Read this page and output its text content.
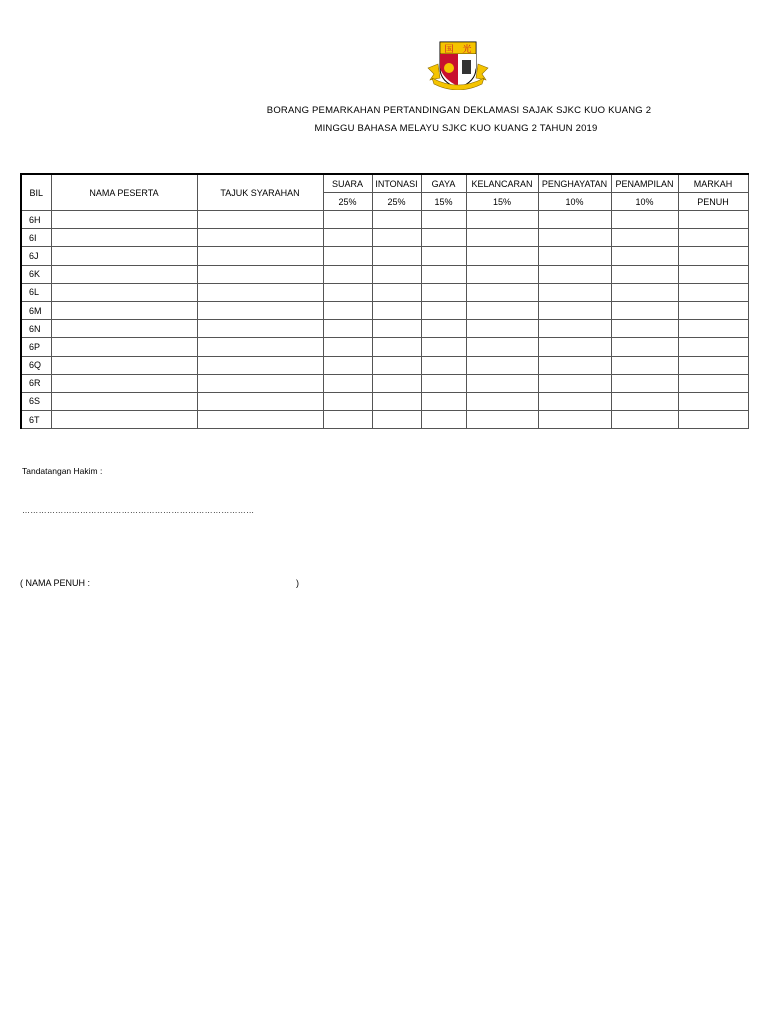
国 光
BORANG PEMARKAHAN PERTANDINGAN DEKLAMASI SAJAK SJKC KUO KUANG 2
MINGGU BAHASA MELAYU SJKC KUO KUANG 2 TAHUN 2019
BIL	NAMA PESERTA	TAJUK SYARAHAN	SUARA	INTONASI	GAYA	KELANCARAN	PENGHAYATAN	PENAMPILAN	MARKAH
			25%	25%	15%	15%	10%	10%	PENUH
6H									
6I									
6J									
6K									
6L									
6M									
6N									
6P									
6Q									
6R									
6S									
6T									
Tandatangan Hakim :
…………………………………………………………………………
( NAMA PENUH :	)
